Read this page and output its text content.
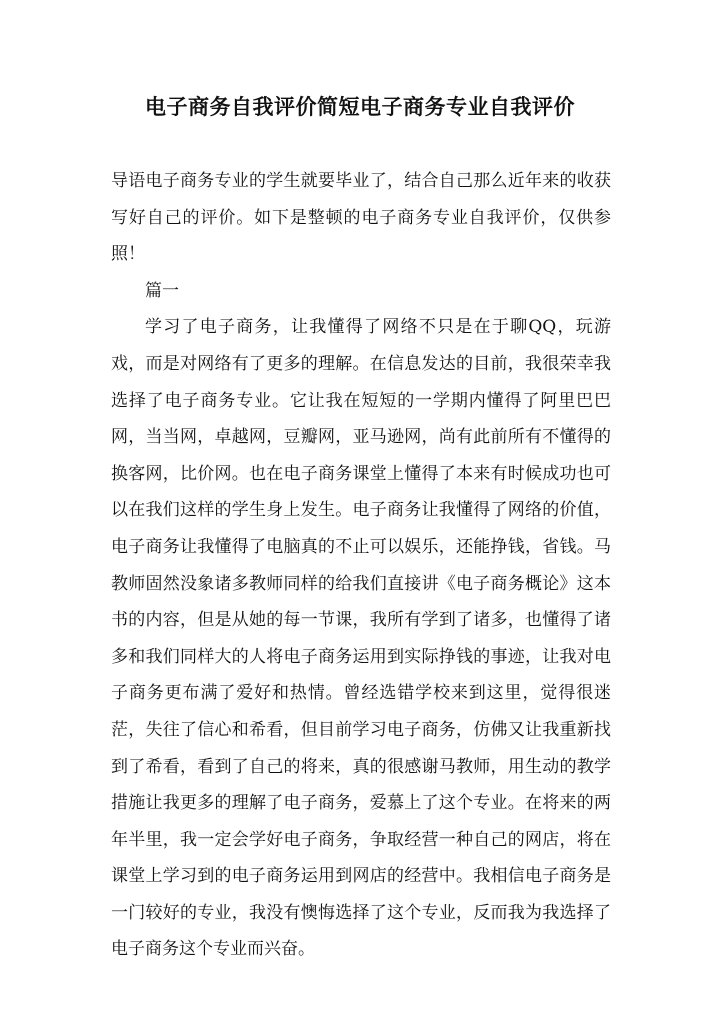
电子商务自我评价简短电子商务专业自我评价

导语电子商务专业的学生就要毕业了，结合自己那么近年来的收获写好自己的评价。如下是整顿的电子商务专业自我评价，仅供参照！

篇一

学习了电子商务，让我懂得了网络不只是在于聊QQ，玩游戏，而是对网络有了更多的理解。在信息发达的目前，我很荣幸我选择了电子商务专业。它让我在短短的一学期内懂得了阿里巴巴网，当当网，卓越网，豆瓣网，亚马逊网，尚有此前所有不懂得的换客网，比价网。也在电子商务课堂上懂得了本来有时候成功也可以在我们这样的学生身上发生。电子商务让我懂得了网络的价值，电子商务让我懂得了电脑真的不止可以娱乐，还能挣钱，省钱。马教师固然没象诸多教师同样的给我们直接讲《电子商务概论》这本书的内容，但是从她的每一节课，我所有学到了诸多，也懂得了诸多和我们同样大的人将电子商务运用到实际挣钱的事迹，让我对电子商务更布满了爱好和热情。曾经选错学校来到这里，觉得很迷茫，失往了信心和希看，但目前学习电子商务，仿佛又让我重新找到了希看，看到了自己的将来，真的很感谢马教师，用生动的教学措施让我更多的理解了电子商务，爱慕上了这个专业。在将来的两年半里，我一定会学好电子商务，争取经营一种自己的网店，将在课堂上学习到的电子商务运用到网店的经营中。我相信电子商务是一门较好的专业，我没有懊悔选择了这个专业，反而我为我选择了电子商务这个专业而兴奋。
